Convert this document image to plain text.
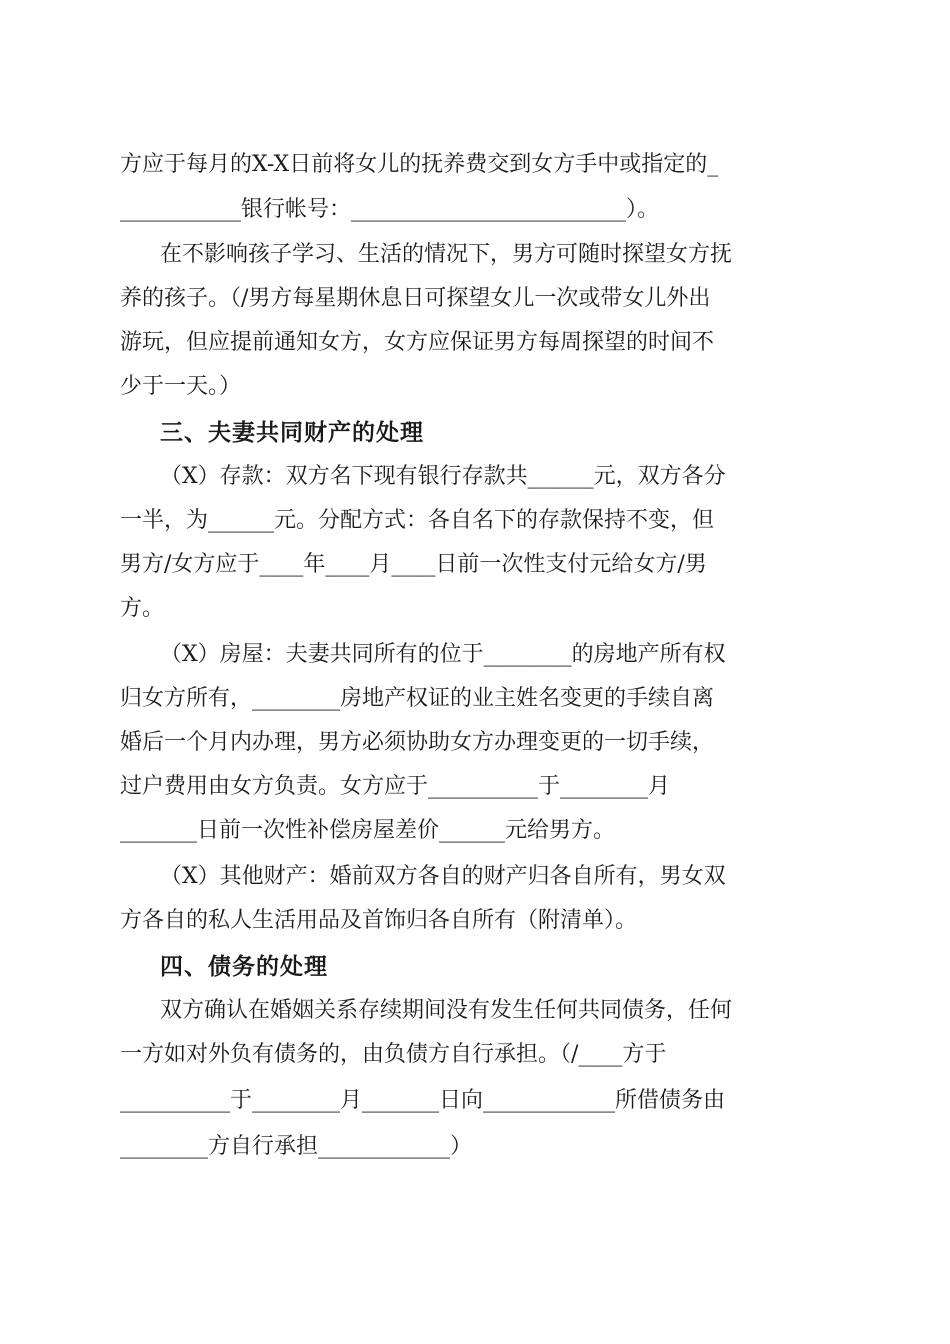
方应于每月的X-X日前将女儿的抚养费交到女方手中或指定的_
___________银行帐号：_________________________）。
在不影响孩子学习、生活的情况下，男方可随时探望女方抚
养的孩子。（/男方每星期休息日可探望女儿一次或带女儿外出
游玩，但应提前通知女方，女方应保证男方每周探望的时间不
少于一天。）
三、夫妻共同财产的处理
（X）存款：双方名下现有银行存款共______元，双方各分
一半，为______元。分配方式：各自名下的存款保持不变，但
男方/女方应于____年____月____日前一次性支付元给女方/男
方。
（X）房屋：夫妻共同所有的位于________的房地产所有权
归女方所有，________房地产权证的业主姓名变更的手续自离
婚后一个月内办理，男方必须协助女方办理变更的一切手续，
过户费用由女方负责。女方应于__________于________月
_______日前一次性补偿房屋差价______元给男方。
（X）其他财产：婚前双方各自的财产归各自所有，男女双
方各自的私人生活用品及首饰归各自所有（附清单）。
四、债务的处理
双方确认在婚姻关系存续期间没有发生任何共同债务，任何
一方如对外负有债务的，由负债方自行承担。（/____方于
__________于________月_______日向____________所借债务由
________方自行承担____________）
